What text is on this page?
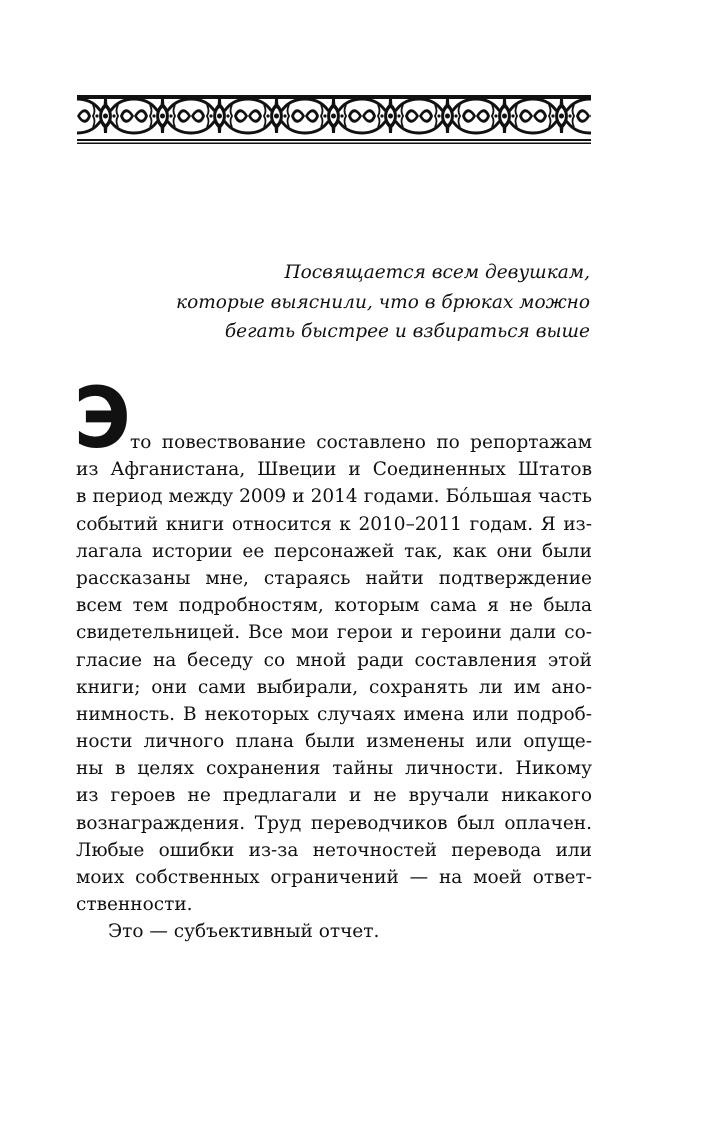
Посвящается всем девушкам,
которые выяснили, что в брюках можно
бегать быстрее и взбираться выше
Э то повествование составлено по репортажам
из Афганистана, Швеции и Соединенных Штатов
в период между 2009 и 2014 годами. Бóльшая часть
событий книги относится к 2010–2011 годам. Я из-
лагала истории ее персонажей так, как они были
рассказаны мне, стараясь найти подтверждение
всем тем подробностям, которым сама я не была
свидетельницей. Все мои герои и героини дали со-
гласие на беседу со мной ради составления этой
книги; они сами выбирали, сохранять ли им ано-
нимность. В некоторых случаях имена или подроб-
ности личного плана были изменены или опуще-
ны в целях сохранения тайны личности. Никому
из героев не предлагали и не вручали никакого
вознаграждения. Труд переводчиков был оплачен.
Любые ошибки из-за неточностей перевода или
моих собственных ограничений — на моей ответ-
ственности.
Это — субъективный отчет.
